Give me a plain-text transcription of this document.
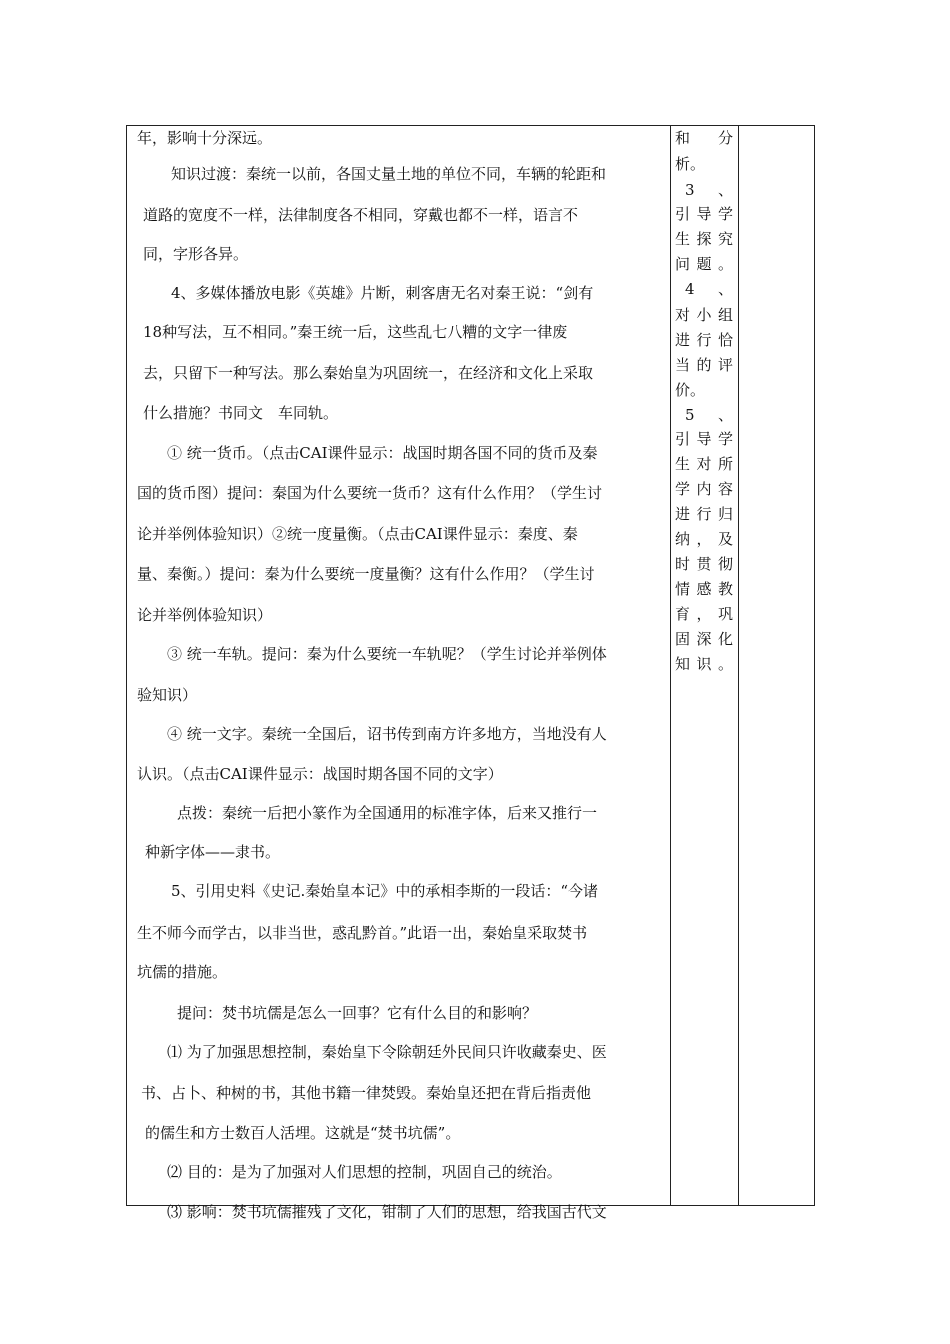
年，影响十分深远。
知识过渡：秦统一以前，各国丈量土地的单位不同，车辆的轮距和
道路的宽度不一样，法律制度各不相同，穿戴也都不一样，语言不
同，字形各异。
4、多媒体播放电影《英雄》片断，刺客唐无名对秦王说：“剑有
18种写法，互不相同。”秦王统一后，这些乱七八糟的文字一律废
去，只留下一种写法。那么秦始皇为巩固统一，在经济和文化上采取
什么措施？书同文　车同轨。
① 统一货币。（点击CAI课件显示：战国时期各国不同的货币及秦
国的货币图）提问：秦国为什么要统一货币？这有什么作用？（学生讨
论并举例体验知识）②统一度量衡。（点击CAI课件显示：秦度、秦
量、秦衡。）提问：秦为什么要统一度量衡？这有什么作用？（学生讨
论并举例体验知识）
③ 统一车轨。提问：秦为什么要统一车轨呢？（学生讨论并举例体
验知识）
④ 统一文字。秦统一全国后，诏书传到南方许多地方，当地没有人
认识。（点击CAI课件显示：战国时期各国不同的文字）
点拨：秦统一后把小篆作为全国通用的标准字体，后来又推行一
种新字体——隶书。
5、引用史料《史记.秦始皇本记》中的承相李斯的一段话：“今诸
生不师今而学古，以非当世，惑乱黔首。”此语一出，秦始皇采取焚书
坑儒的措施。
提问：焚书坑儒是怎么一回事？它有什么目的和影响？
⑴ 为了加强思想控制，秦始皇下令除朝廷外民间只许收藏秦史、医
书、占卜、种树的书，其他书籍一律焚毁。秦始皇还把在背后指责他
的儒生和方士数百人活埋。这就是“焚书坑儒”。
⑵ 目的：是为了加强对人们思想的控制，巩固自己的统治。
⑶ 影响：焚书坑儒摧残了文化，钳制了人们的思想，给我国古代文
和　分
析。
3　、
引导学
生探究
问题。
4　、
对小组
进行恰
当的评
价。
5　、
引导学
生对所
学内容
进行归
纳，及
时贯彻
情感教
育，巩
固深化
知识。
